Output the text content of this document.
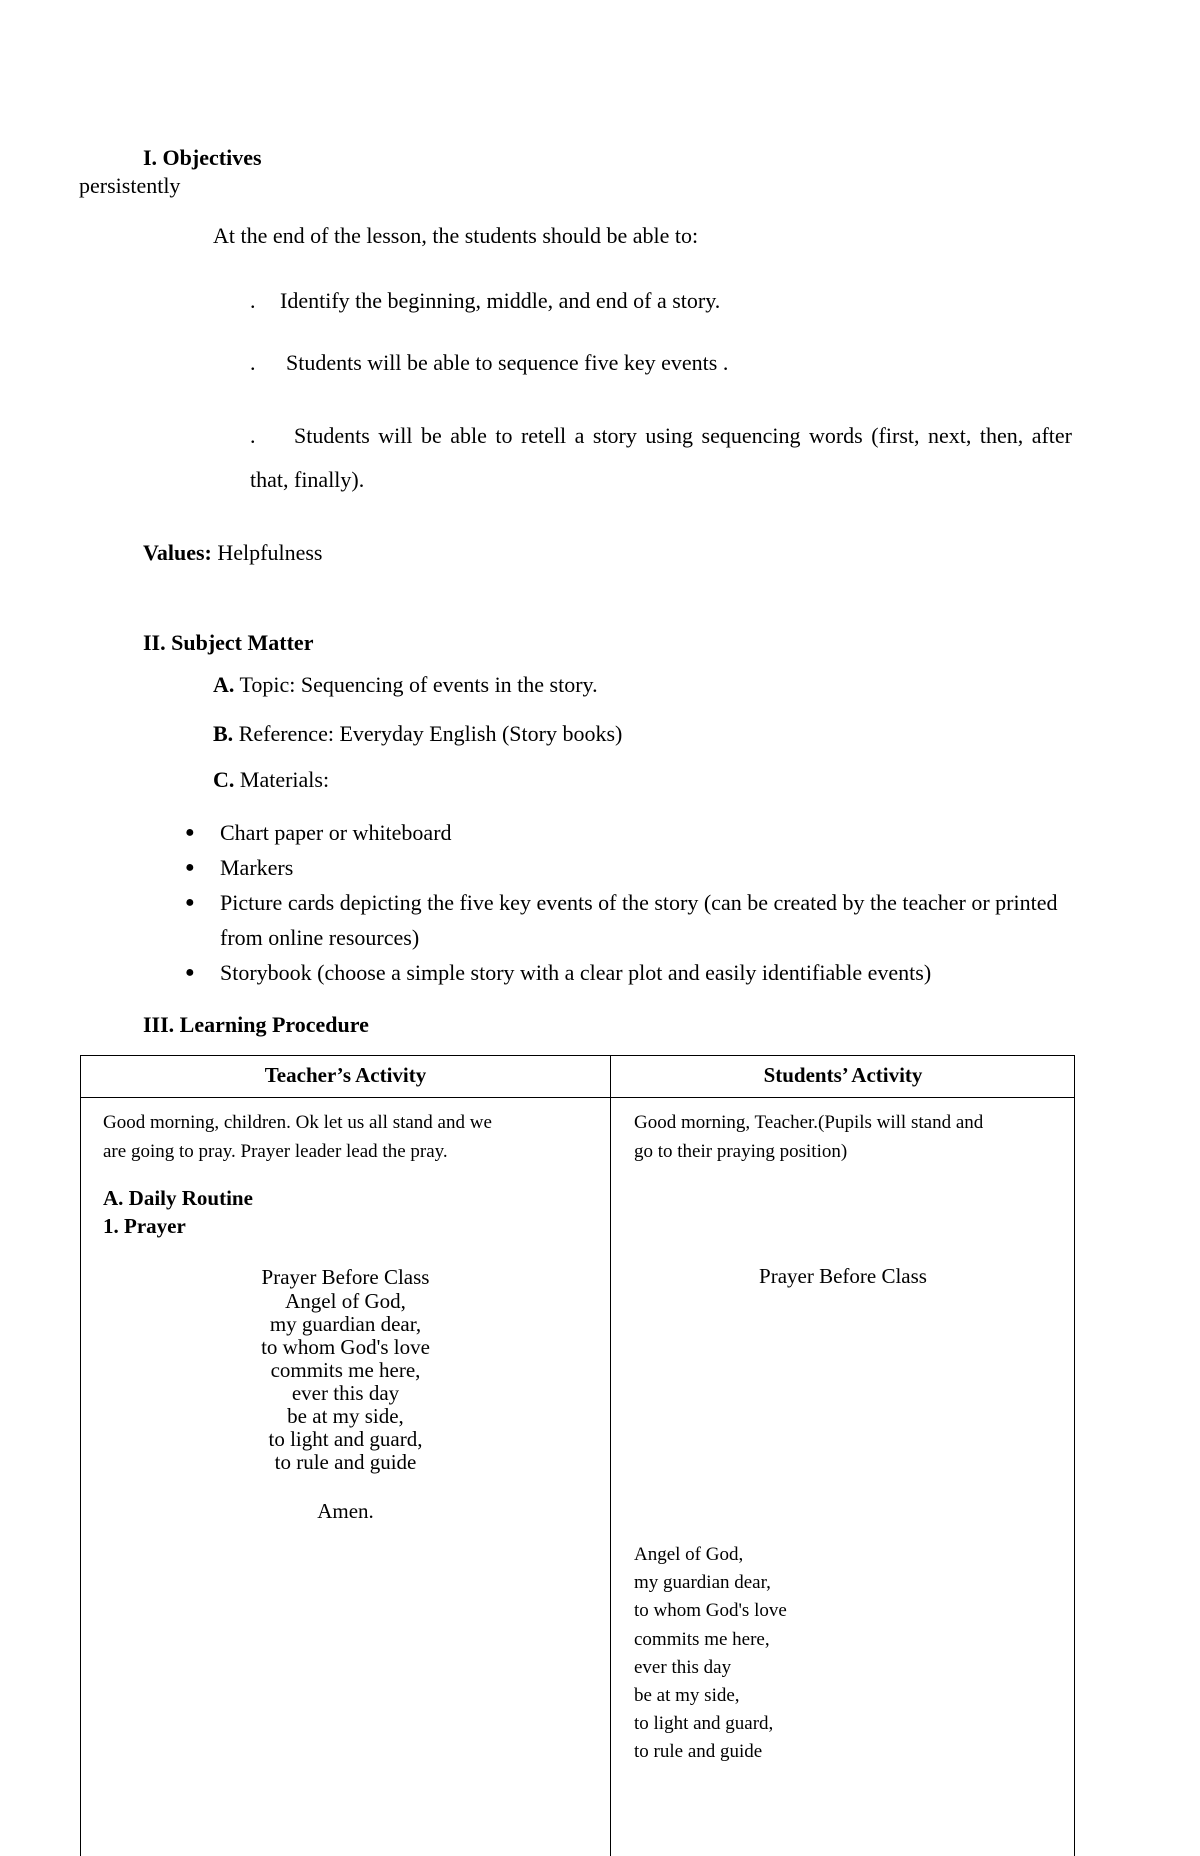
I. Objectives
persistently
At the end of the lesson, the students should be able to:
. Identify the beginning, middle, and end of a story.
. Students will be able to sequence five key events .
. Students will be able to retell a story using sequencing words (first, next, then, after that, finally).
Values: Helpfulness
II. Subject Matter
A. Topic: Sequencing of events in the story.
B. Reference: Everyday English (Story books)
C. Materials:
● Chart paper or whiteboard
● Markers
● Picture cards depicting the five key events of the story (can be created by the teacher or printed from online resources)
● Storybook (choose a simple story with a clear plot and easily identifiable events)
III. Learning Procedure
Teacher’s Activity	Students’ Activity
Good morning, children. Ok let us all stand and we
are going to pray. Prayer leader lead the pray.
A. Daily Routine
1. Prayer
Prayer Before Class
Angel of God,
my guardian dear,
to whom God's love
commits me here,
ever this day
be at my side,
to light and guard,
to rule and guide
Amen.
Good morning, Teacher.(Pupils will stand and
go to their praying position)
Prayer Before Class
Angel of God,
my guardian dear,
to whom God's love
commits me here,
ever this day
be at my side,
to light and guard,
to rule and guide
